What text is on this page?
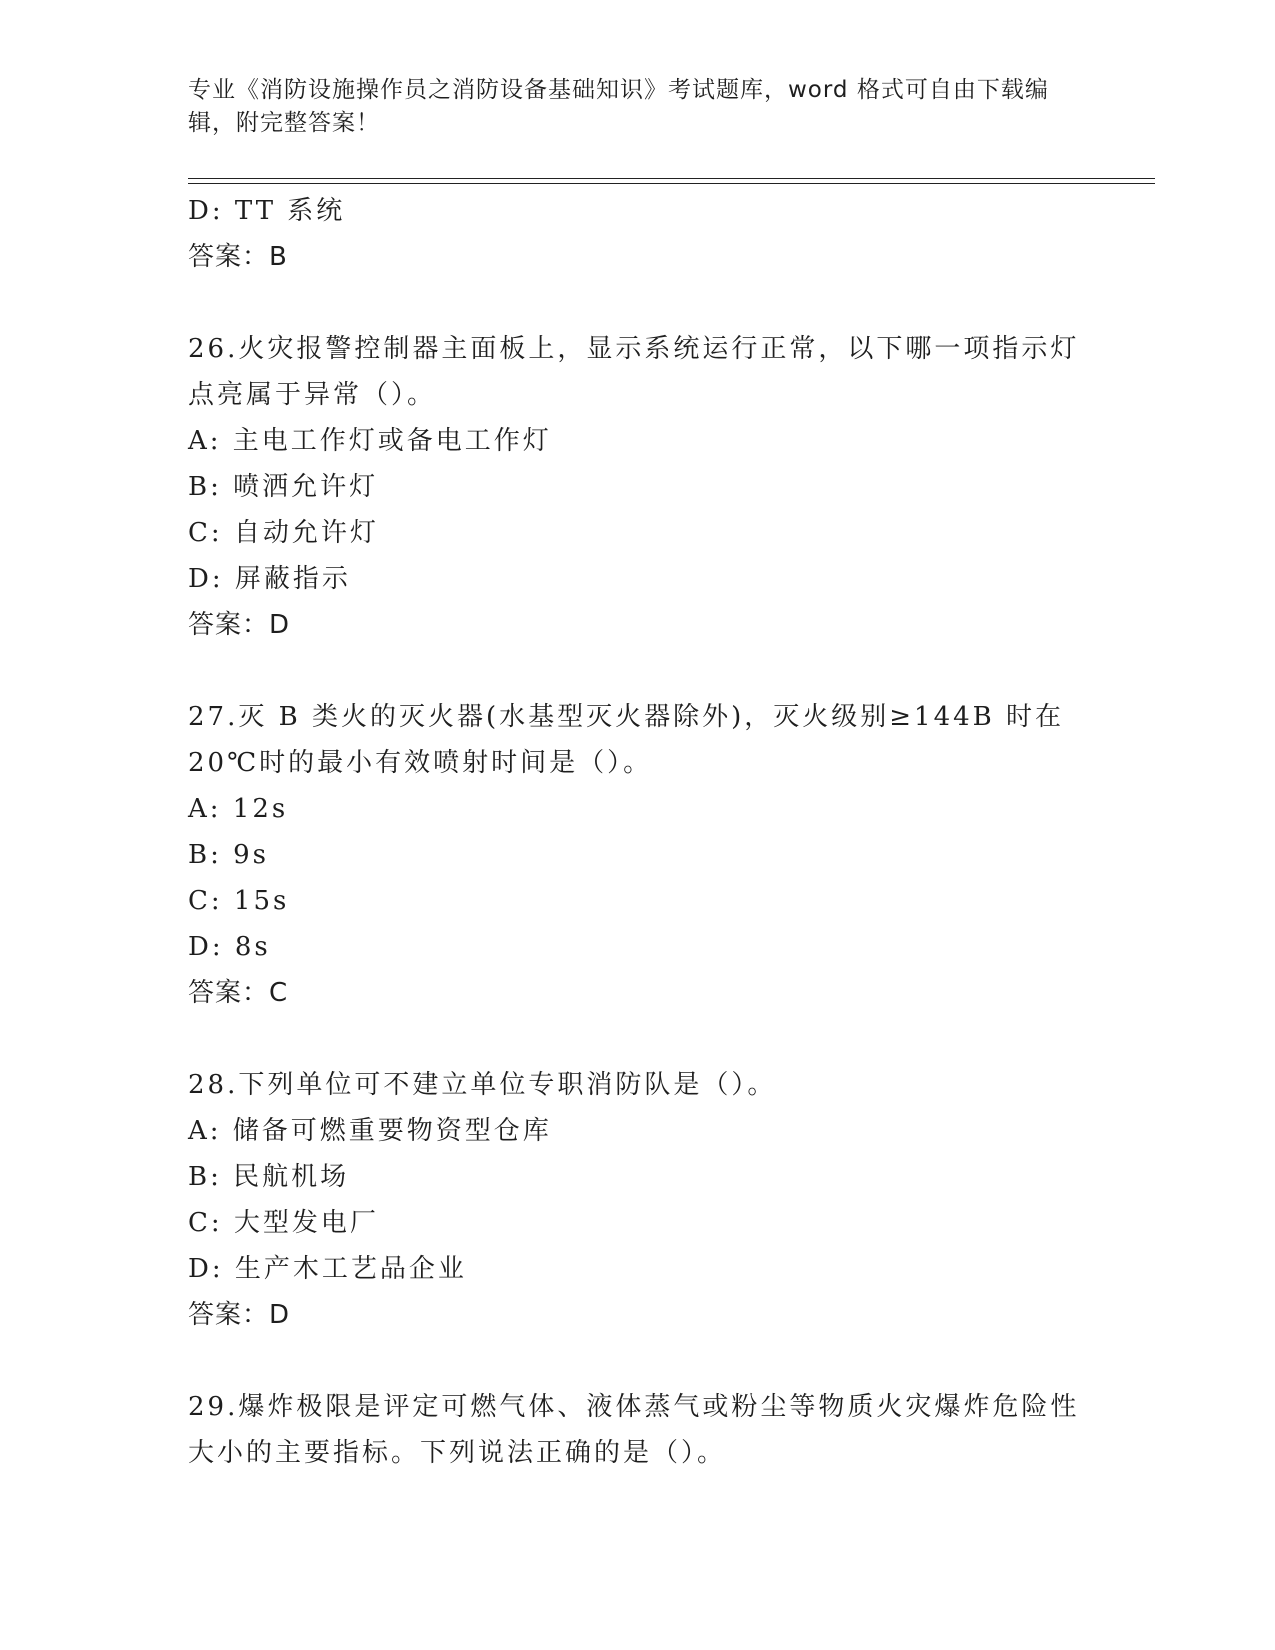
专业《消防设施操作员之消防设备基础知识》考试题库，word 格式可自由下载编
辑，附完整答案！
D: TT 系统
答案：B
26.火灾报警控制器主面板上，显示系统运行正常，以下哪一项指示灯
点亮属于异常（）。
A: 主电工作灯或备电工作灯
B: 喷洒允许灯
C: 自动允许灯
D: 屏蔽指示
答案：D
27.灭 B 类火的灭火器(水基型灭火器除外)，灭火级别≥144B 时在
20℃时的最小有效喷射时间是（）。
A: 12s
B: 9s
C: 15s
D: 8s
答案：C
28.下列单位可不建立单位专职消防队是（）。
A: 储备可燃重要物资型仓库
B: 民航机场
C: 大型发电厂
D: 生产木工艺品企业
答案：D
29.爆炸极限是评定可燃气体、液体蒸气或粉尘等物质火灾爆炸危险性
大小的主要指标。下列说法正确的是（）。
